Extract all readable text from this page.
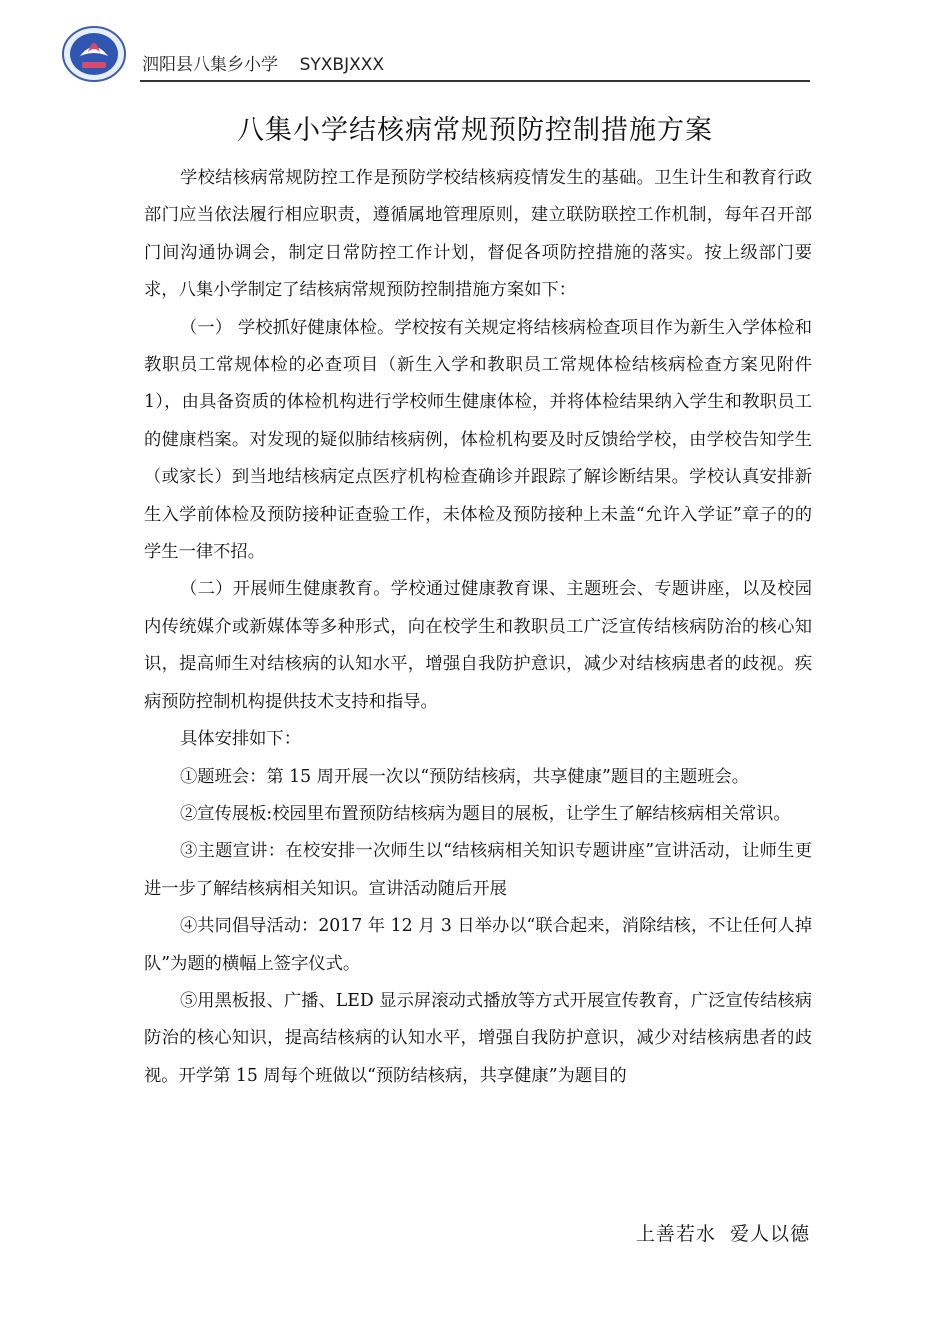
泗阳县八集乡小学    SYXBJXXX
八集小学结核病常规预防控制措施方案

学校结核病常规防控工作是预防学校结核病疫情发生的基础。卫生计生和教育行政部门应当依法履行相应职责，遵循属地管理原则，建立联防联控工作机制，每年召开部门间沟通协调会，制定日常防控工作计划，督促各项防控措施的落实。按上级部门要求，八集小学制定了结核病常规预防控制措施方案如下：

（一） 学校抓好健康体检。学校按有关规定将结核病检查项目作为新生入学体检和教职员工常规体检的必查项目（新生入学和教职员工常规体检结核病检查方案见附件 1），由具备资质的体检机构进行学校师生健康体检，并将体检结果纳入学生和教职员工的健康档案。对发现的疑似肺结核病例，体检机构要及时反馈给学校，由学校告知学生（或家长）到当地结核病定点医疗机构检查确诊并跟踪了解诊断结果。学校认真安排新生入学前体检及预防接种证查验工作，未体检及预防接种上未盖“允许入学证”章子的的学生一律不招。

（二）开展师生健康教育。学校通过健康教育课、主题班会、专题讲座，以及校园内传统媒介或新媒体等多种形式，向在校学生和教职员工广泛宣传结核病防治的核心知识，提高师生对结核病的认知水平，增强自我防护意识，减少对结核病患者的歧视。疾病预防控制机构提供技术支持和指导。

具体安排如下：

①题班会：第 15 周开展一次以“预防结核病，共享健康”题目的主题班会。

②宣传展板:校园里布置预防结核病为题目的展板，让学生了解结核病相关常识。

③主题宣讲：在校安排一次师生以“结核病相关知识专题讲座”宣讲活动，让师生更进一步了解结核病相关知识。宣讲活动随后开展

④共同倡导活动：2017 年 12 月 3 日举办以“联合起来，消除结核，不让任何人掉队”为题的横幅上签字仪式。

⑤用黑板报、广播、LED 显示屏滚动式播放等方式开展宣传教育，广泛宣传结核病防治的核心知识，提高结核病的认知水平，增强自我防护意识，减少对结核病患者的歧视。开学第 15 周每个班做以“预防结核病，共享健康”为题目的

上善若水  爱人以德
